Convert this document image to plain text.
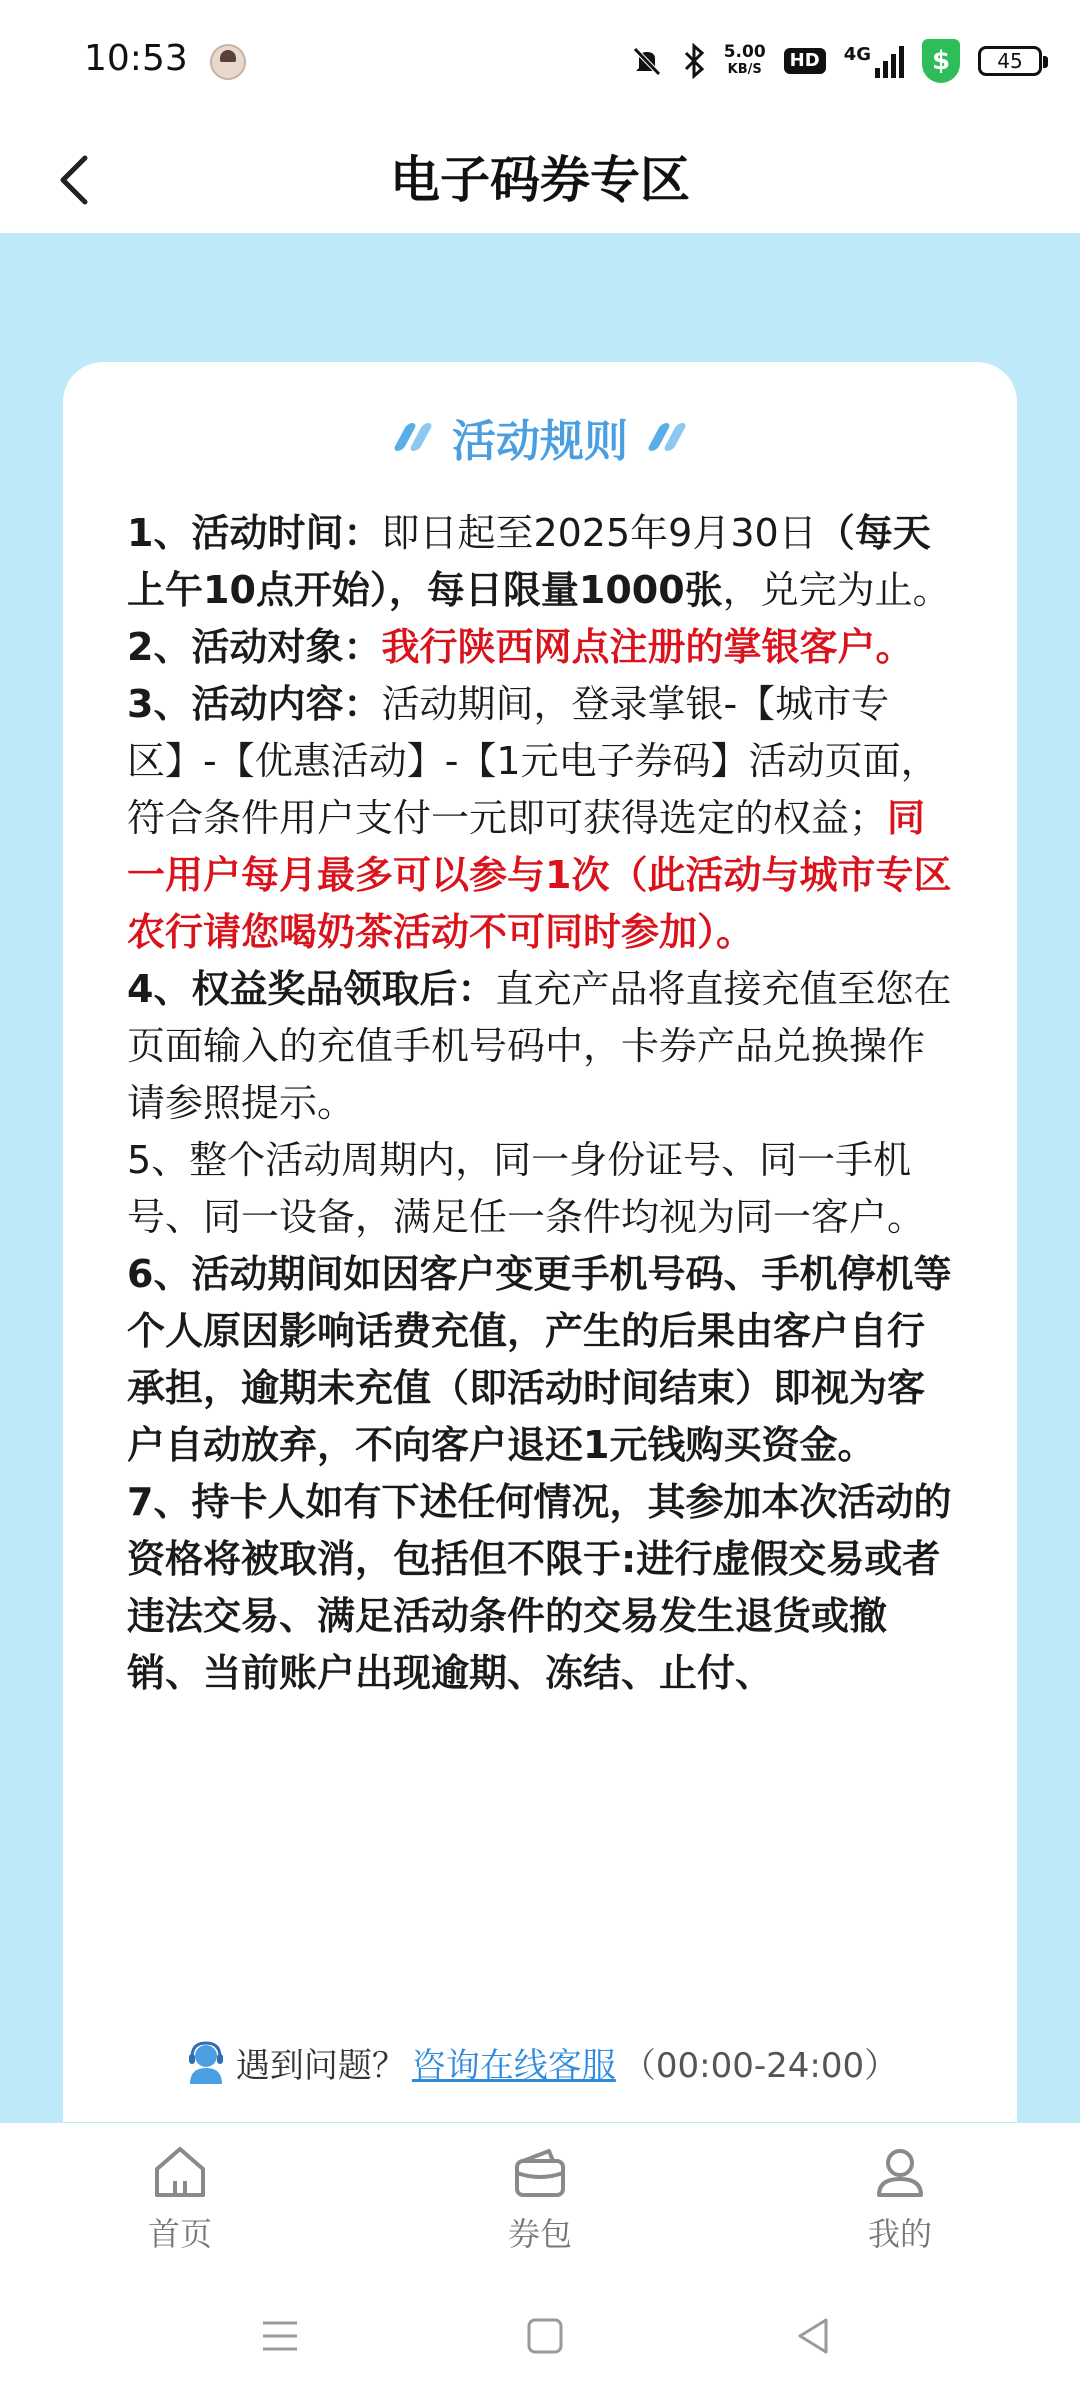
10:53	5.00
KB/S	HD	4G	$	45
电子码券专区
活动规则

1、活动时间：即日起至2025年9月30日（每天上午10点开始），每日限量1000张，兑完为止。

2、活动对象：我行陕西网点注册的掌银客户。

3、活动内容：活动期间，登录掌银-【城市专区】-【优惠活动】-【1元电子券码】活动页面，符合条件用户支付一元即可获得选定的权益；同一用户每月最多可以参与1次（此活动与城市专区农行请您喝奶茶活动不可同时参加）。

4、权益奖品领取后：直充产品将直接充值至您在页面输入的充值手机号码中，卡券产品兑换操作请参照提示。

5、整个活动周期内，同一身份证号、同一手机号、同一设备，满足任一条件均视为同一客户。

6、活动期间如因客户变更手机号码、手机停机等个人原因影响话费充值，产生的后果由客户自行承担，逾期未充值（即活动时间结束）即视为客户自动放弃，不向客户退还1元钱购买资金。

7、持卡人如有下述任何情况，其参加本次活动的资格将被取消，包括但不限于:进行虚假交易或者违法交易、满足活动条件的交易发生退货或撤销、当前账户出现逾期、冻结、止付、

遇到问题？ 咨询在线客服 （00:00-24:00）
首页	券包	我的
